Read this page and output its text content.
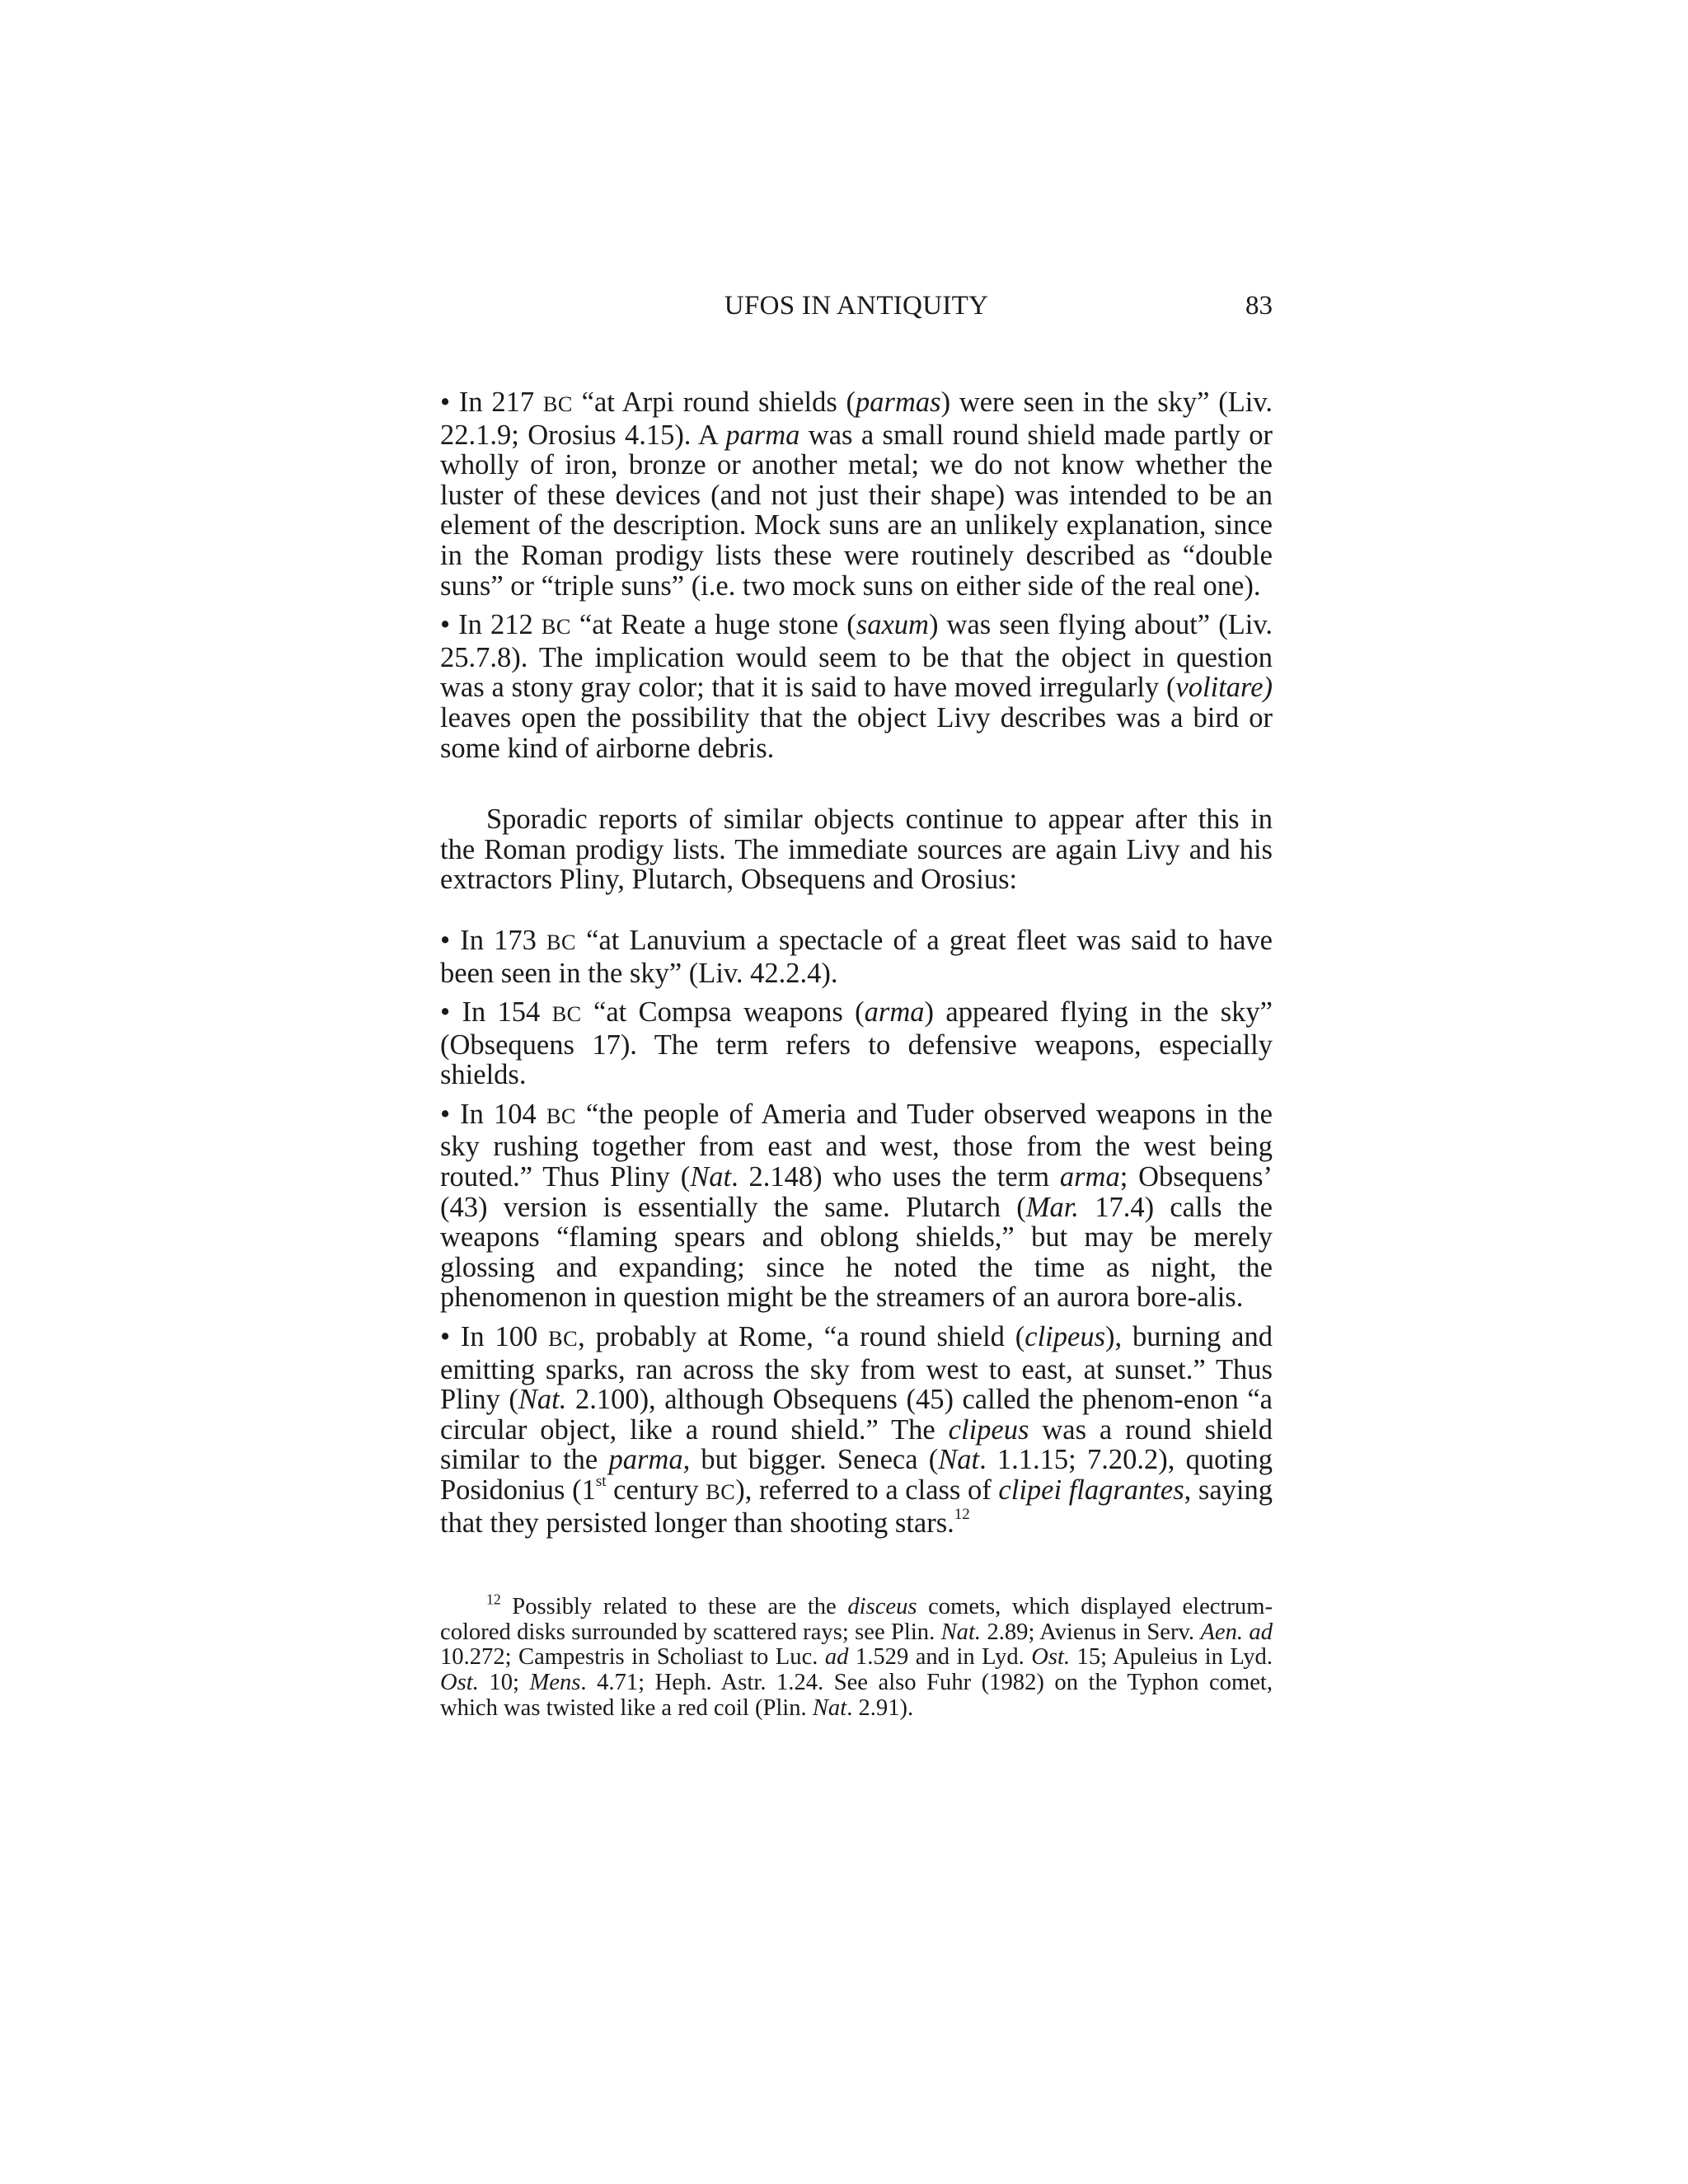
UFOS IN ANTIQUITY	83

• In 217 BC “at Arpi round shields (parmas) were seen in the sky” (Liv. 22.1.9; Orosius 4.15). A parma was a small round shield made partly or wholly of iron, bronze or another metal; we do not know whether the luster of these devices (and not just their shape) was intended to be an element of the description. Mock suns are an unlikely explanation, since in the Roman prodigy lists these were routinely described as “double suns” or “triple suns” (i.e. two mock suns on either side of the real one).

• In 212 BC “at Reate a huge stone (saxum) was seen flying about” (Liv. 25.7.8). The implication would seem to be that the object in question was a stony gray color; that it is said to have moved irregularly (volitare) leaves open the possibility that the object Livy describes was a bird or some kind of airborne debris.

Sporadic reports of similar objects continue to appear after this in the Roman prodigy lists. The immediate sources are again Livy and his extractors Pliny, Plutarch, Obsequens and Orosius:

• In 173 BC “at Lanuvium a spectacle of a great fleet was said to have been seen in the sky” (Liv. 42.2.4).

• In 154 BC “at Compsa weapons (arma) appeared flying in the sky” (Obsequens 17). The term refers to defensive weapons, especially shields.

• In 104 BC “the people of Ameria and Tuder observed weapons in the sky rushing together from east and west, those from the west being routed.” Thus Pliny (Nat. 2.148) who uses the term arma; Obsequens’ (43) version is essentially the same. Plutarch (Mar. 17.4) calls the weapons “flaming spears and oblong shields,” but may be merely glossing and expanding; since he noted the time as night, the phenomenon in question might be the streamers of an aurora bore-alis.

• In 100 BC, probably at Rome, “a round shield (clipeus), burning and emitting sparks, ran across the sky from west to east, at sunset.” Thus Pliny (Nat. 2.100), although Obsequens (45) called the phenom-enon “a circular object, like a round shield.” The clipeus was a round shield similar to the parma, but bigger. Seneca (Nat. 1.1.15; 7.20.2), quoting Posidonius (1st century BC), referred to a class of clipei flagrantes, saying that they persisted longer than shooting stars.$^{12}$

$^{12}$ Possibly related to these are the disceus comets, which displayed electrum-colored disks surrounded by scattered rays; see Plin. Nat. 2.89; Avienus in Serv. Aen. ad 10.272; Campestris in Scholiast to Luc. ad 1.529 and in Lyd. Ost. 15; Apuleius in Lyd. Ost. 10; Mens. 4.71; Heph. Astr. 1.24. See also Fuhr (1982) on the Typhon comet, which was twisted like a red coil (Plin. Nat. 2.91).
